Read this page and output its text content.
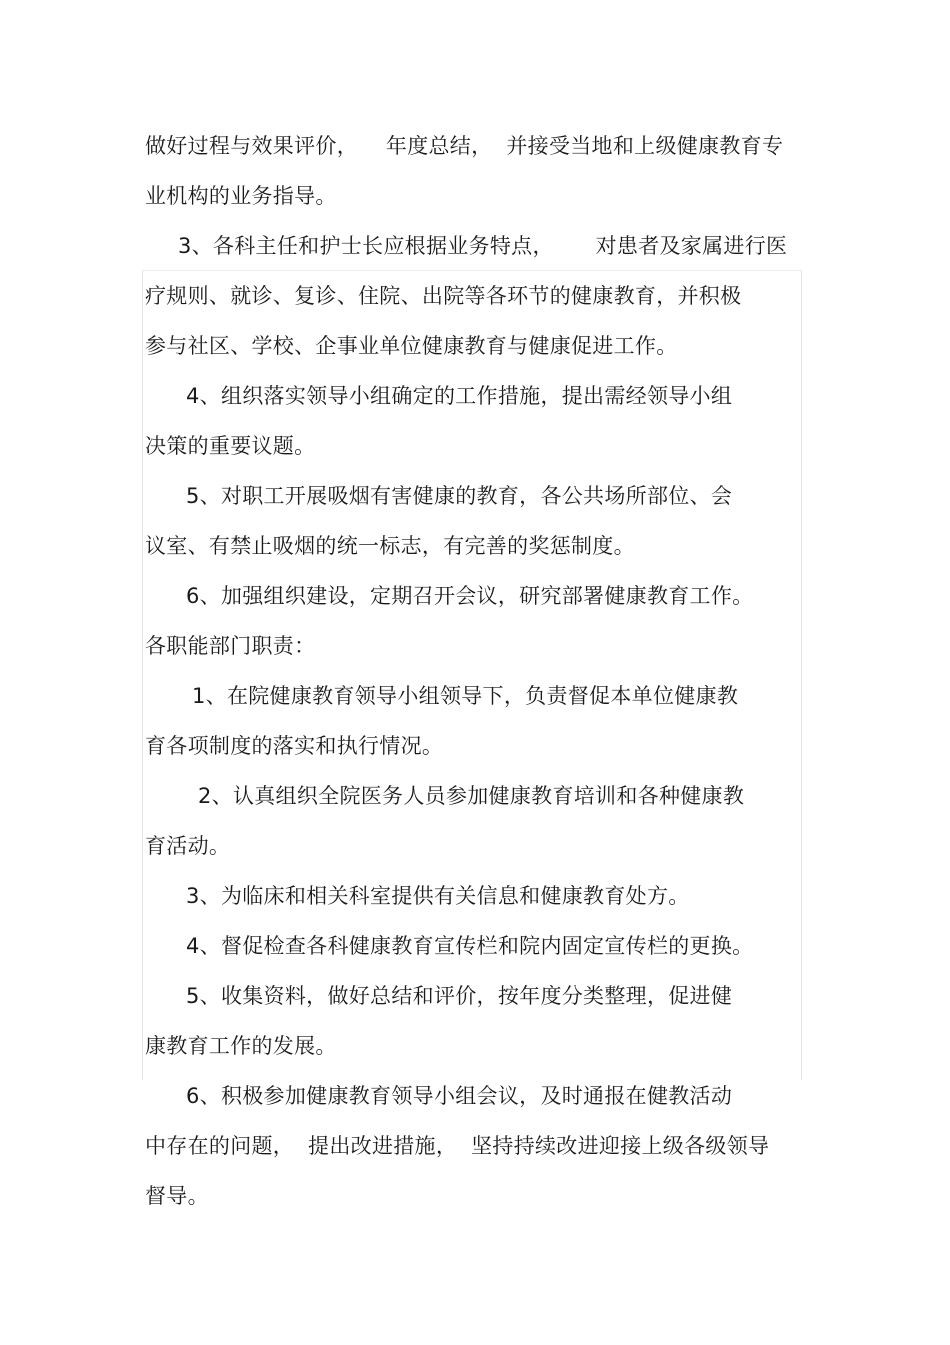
做好过程与效果评价，    年度总结，  并接受当地和上级健康教育专
业机构的业务指导。
3、各科主任和护士长应根据业务特点，      对患者及家属进行医
疗规则、就诊、复诊、住院、出院等各环节的健康教育，并积极
参与社区、学校、企事业单位健康教育与健康促进工作。
4、组织落实领导小组确定的工作措施，提出需经领导小组
决策的重要议题。
5、对职工开展吸烟有害健康的教育，各公共场所部位、会
议室、有禁止吸烟的统一标志，有完善的奖惩制度。
6、加强组织建设，定期召开会议，研究部署健康教育工作。
各职能部门职责：
1、在院健康教育领导小组领导下，负责督促本单位健康教
育各项制度的落实和执行情况。
2、认真组织全院医务人员参加健康教育培训和各种健康教
育活动。
3、为临床和相关科室提供有关信息和健康教育处方。
4、督促检查各科健康教育宣传栏和院内固定宣传栏的更换。
5、收集资料，做好总结和评价，按年度分类整理，促进健
康教育工作的发展。
6、积极参加健康教育领导小组会议，及时通报在健教活动
中存在的问题，  提出改进措施，  坚持持续改进迎接上级各级领导
督导。
